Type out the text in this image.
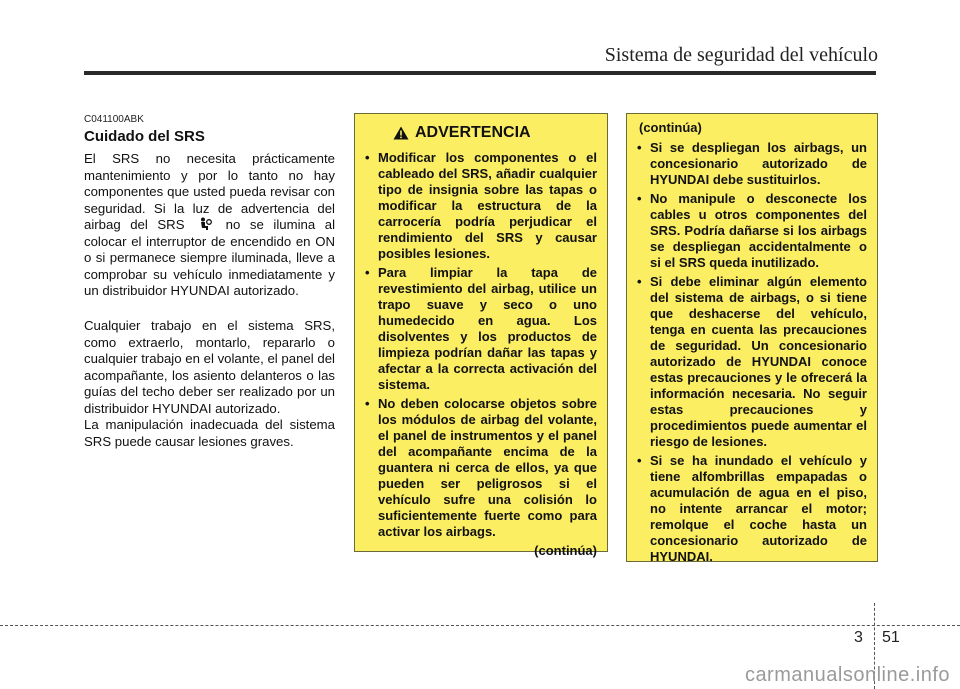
Sistema de seguridad del vehículo
C041100ABK
Cuidado del SRS
El SRS no necesita prácticamente mantenimiento y por lo tanto no hay componentes que usted pueda revisar con seguridad. Si la luz de advertencia del airbag del SRS	no se ilumina al colocar el interruptor de encendido en ON o si permanece siempre iluminada, lleve a comprobar su vehículo inmediatamente y un distribuidor HYUNDAI autorizado.
Cualquier trabajo en el sistema SRS, como extraerlo, montarlo, repararlo o cualquier trabajo en el volante, el panel del acompañante, los asiento delanteros o las guías del techo deber ser realizado por un distribuidor HYUNDAI autorizado.
La manipulación inadecuada del sistema SRS puede causar lesiones graves.
ADVERTENCIA
• Modificar los componentes o el cableado del SRS, añadir cualquier tipo de insignia sobre las tapas o modificar la estructura de la carrocería podría perjudicar el rendimiento del SRS y causar posibles lesiones.
• Para limpiar la tapa de revestimiento del airbag, utilice un trapo suave y seco o uno humedecido en agua. Los disolventes y los productos de limpieza podrían dañar las tapas y afectar a la correcta activación del sistema.
• No deben colocarse objetos sobre los módulos de airbag del volante, el panel de instrumentos y el panel del acompañante encima de la guantera ni cerca de ellos, ya que pueden ser peligrosos si el vehículo sufre una colisión lo suficientemente fuerte como para activar los airbags.
(continúa)
(continúa)
• Si se despliegan los airbags, un concesionario autorizado de HYUNDAI debe sustituirlos.
• No manipule o desconecte los cables u otros componentes del SRS. Podría dañarse si los airbags se despliegan accidentalmente o si el SRS queda inutilizado.
• Si debe eliminar algún elemento del sistema de airbags, o si tiene que deshacerse del vehículo, tenga en cuenta las precauciones de seguridad. Un concesionario autorizado de HYUNDAI conoce estas precauciones y le ofrecerá la información necesaria. No seguir estas precauciones y procedimientos puede aumentar el riesgo de lesiones.
• Si se ha inundado el vehículo y tiene alfombrillas empapadas o acumulación de agua en el piso, no intente arrancar el motor; remolque el coche hasta un concesionario autorizado de HYUNDAI.
3 51
carmanualsonline.info
